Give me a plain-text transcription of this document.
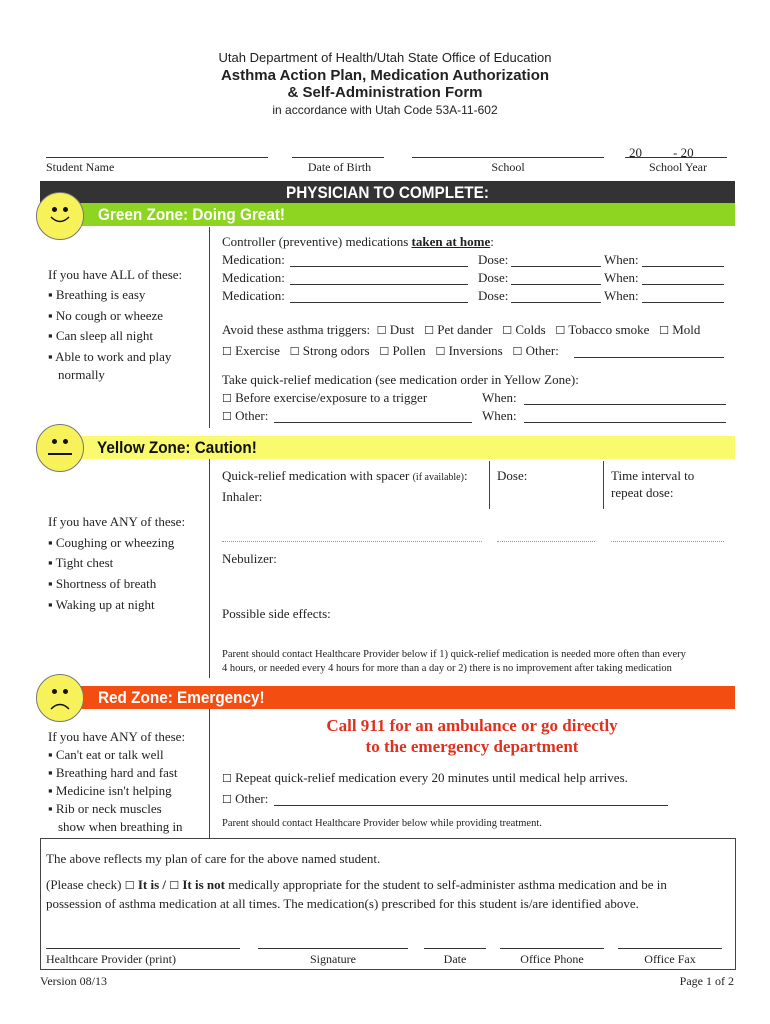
Utah Department of Health/Utah State Office of Education
Asthma Action Plan, Medication Authorization
& Self-Administration Form
in accordance with Utah Code 53A-11-602
Student Name	Date of Birth	School
20 - 20
School Year
PHYSICIAN TO COMPLETE:
Green Zone: Doing Great!
If you have ALL of these:
▪ Breathing is easy
▪ No cough or wheeze
▪ Can sleep all night
▪ Able to work and play
normally
Controller (preventive) medications taken at home:
Medication:	Dose:	When:
Medication:	Dose:	When:
Medication:	Dose:	When:
Avoid these asthma triggers: ☐ Dust ☐ Pet dander ☐ Colds ☐ Tobacco smoke ☐ Mold
☐ Exercise ☐ Strong odors ☐ Pollen ☐ Inversions ☐ Other:
Take quick-relief medication (see medication order in Yellow Zone):
☐ Before exercise/exposure to a trigger	When:
☐ Other:	When:
Yellow Zone: Caution!
If you have ANY of these:
▪ Coughing or wheezing
▪ Tight chest
▪ Shortness of breath
▪ Waking up at night
Quick-relief medication with spacer (if available): Dose:	Time interval to
repeat dose:
Inhaler:
Nebulizer:
Possible side effects:
Parent should contact Healthcare Provider below if 1) quick-relief medication is needed more often than every
4 hours, or needed every 4 hours for more than a day or 2) there is no improvement after taking medication
Red Zone: Emergency!
If you have ANY of these:
▪ Can't eat or talk well
▪ Breathing hard and fast
▪ Medicine isn't helping
▪ Rib or neck muscles
show when breathing in
Call 911 for an ambulance or go directly
to the emergency department
☐ Repeat quick-relief medication every 20 minutes until medical help arrives.
☐ Other:
Parent should contact Healthcare Provider below while providing treatment.
The above reflects my plan of care for the above named student.
(Please check) ☐ It is / ☐ It is not medically appropriate for the student to self-administer asthma medication and be in
possession of asthma medication at all times. The medication(s) prescribed for this student is/are identified above.
Healthcare Provider (print)	Signature	Date	Office Phone	Office Fax
Version 08/13	Page 1 of 2
